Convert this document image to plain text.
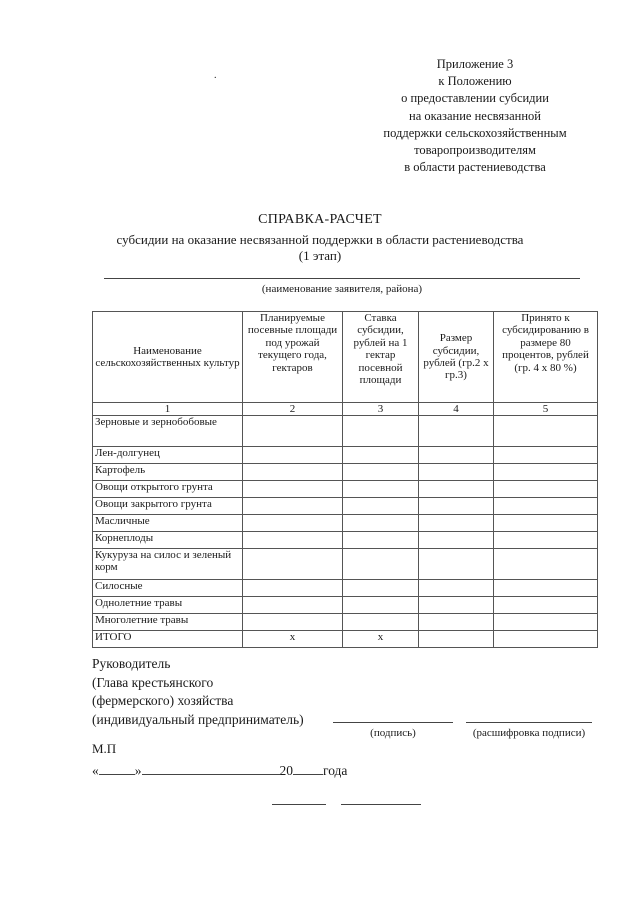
.
Приложение 3
к Положению
о предоставлении субсидии
на оказание несвязанной
поддержки сельскохозяйственным
товаропроизводителям
в области растениеводства
СПРАВКА-РАСЧЕТ
субсидии на оказание несвязанной поддержки в области растениеводства
(1 этап)
(наименование заявителя, района)
Наименование сельскохозяйственных культур	Планируемые посевные площади под урожай текущего года, гектаров	Ставка субсидии, рублей на 1 гектар посевной площади	Размер субсидии, рублей (гр.2 х гр.3)	Принято к субсидированию в размере 80 процентов, рублей (гр. 4 х 80 %)
1	2	3	4	5
Зерновые и зернобобовые				
Лен-долгунец				
Картофель				
Овощи открытого грунта				
Овощи закрытого грунта				
Масличные				
Корнеплоды				
Кукуруза на силос и зеленый корм				
Силосные				
Однолетние травы				
Многолетние травы				
ИТОГО	х	х		
Руководитель
(Глава крестьянского
(фермерского) хозяйства
(индивидуальный предприниматель)
(подпись)	(расшифровка подписи)
М.П
«	»	20 года
